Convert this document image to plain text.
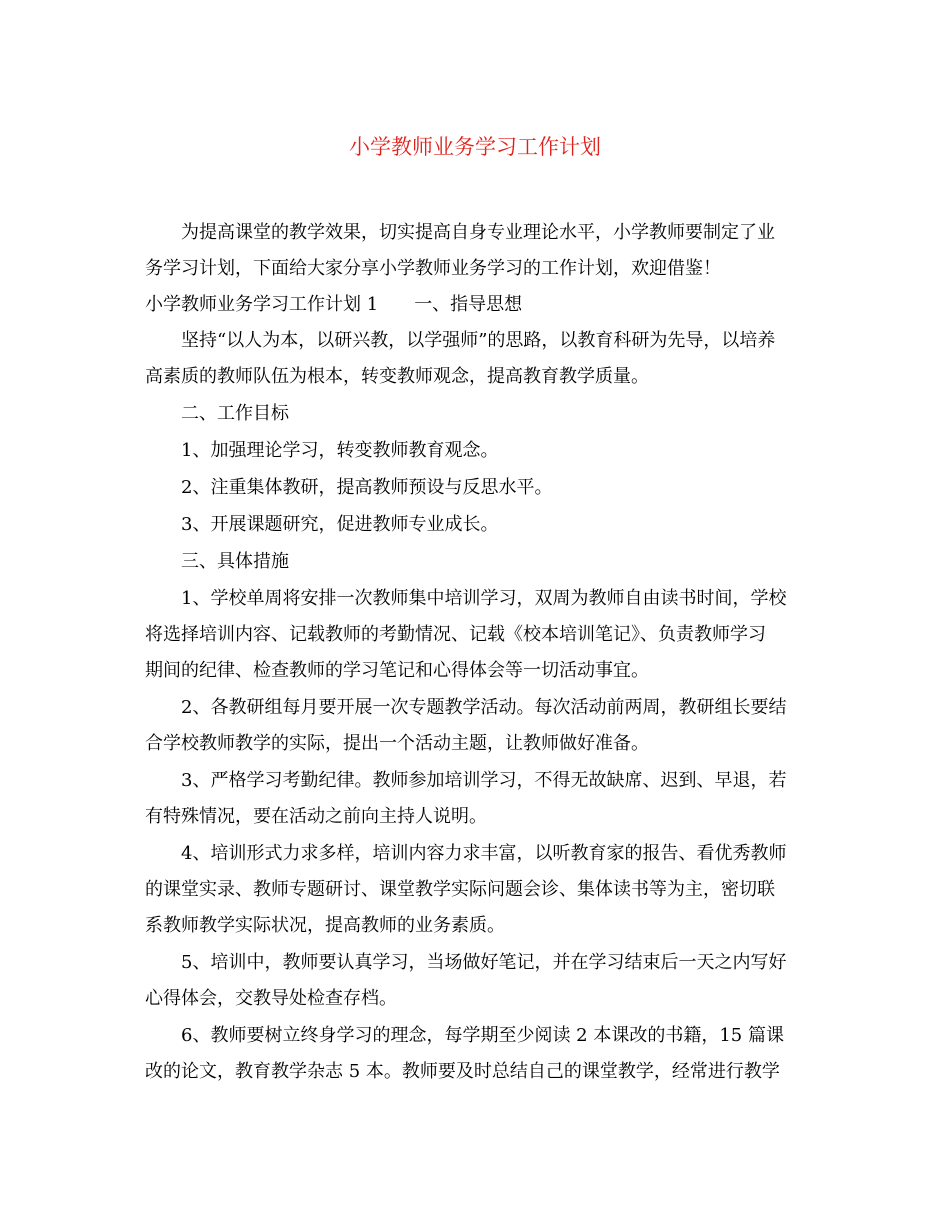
小学教师业务学习工作计划
为提高课堂的教学效果，切实提高自身专业理论水平，小学教师要制定了业
务学习计划，下面给大家分享小学教师业务学习的工作计划，欢迎借鉴！
小学教师业务学习工作计划 1 一、指导思想
坚持“以人为本，以研兴教，以学强师”的思路，以教育科研为先导，以培养
高素质的教师队伍为根本，转变教师观念，提高教育教学质量。
二、工作目标
1、加强理论学习，转变教师教育观念。
2、注重集体教研，提高教师预设与反思水平。
3、开展课题研究，促进教师专业成长。
三、具体措施
1、学校单周将安排一次教师集中培训学习，双周为教师自由读书时间，学校
将选择培训内容、记载教师的考勤情况、记载《校本培训笔记》、负责教师学习
期间的纪律、检查教师的学习笔记和心得体会等一切活动事宜。
2、各教研组每月要开展一次专题教学活动。每次活动前两周，教研组长要结
合学校教师教学的实际，提出一个活动主题，让教师做好准备。
3、严格学习考勤纪律。教师参加培训学习，不得无故缺席、迟到、早退，若
有特殊情况，要在活动之前向主持人说明。
4、培训形式力求多样，培训内容力求丰富，以听教育家的报告、看优秀教师
的课堂实录、教师专题研讨、课堂教学实际问题会诊、集体读书等为主，密切联
系教师教学实际状况，提高教师的业务素质。
5、培训中，教师要认真学习，当场做好笔记，并在学习结束后一天之内写好
心得体会，交教导处检查存档。
6、教师要树立终身学习的理念，每学期至少阅读 2 本课改的书籍，15 篇课
改的论文，教育教学杂志 5 本。教师要及时总结自己的课堂教学，经常进行教学
